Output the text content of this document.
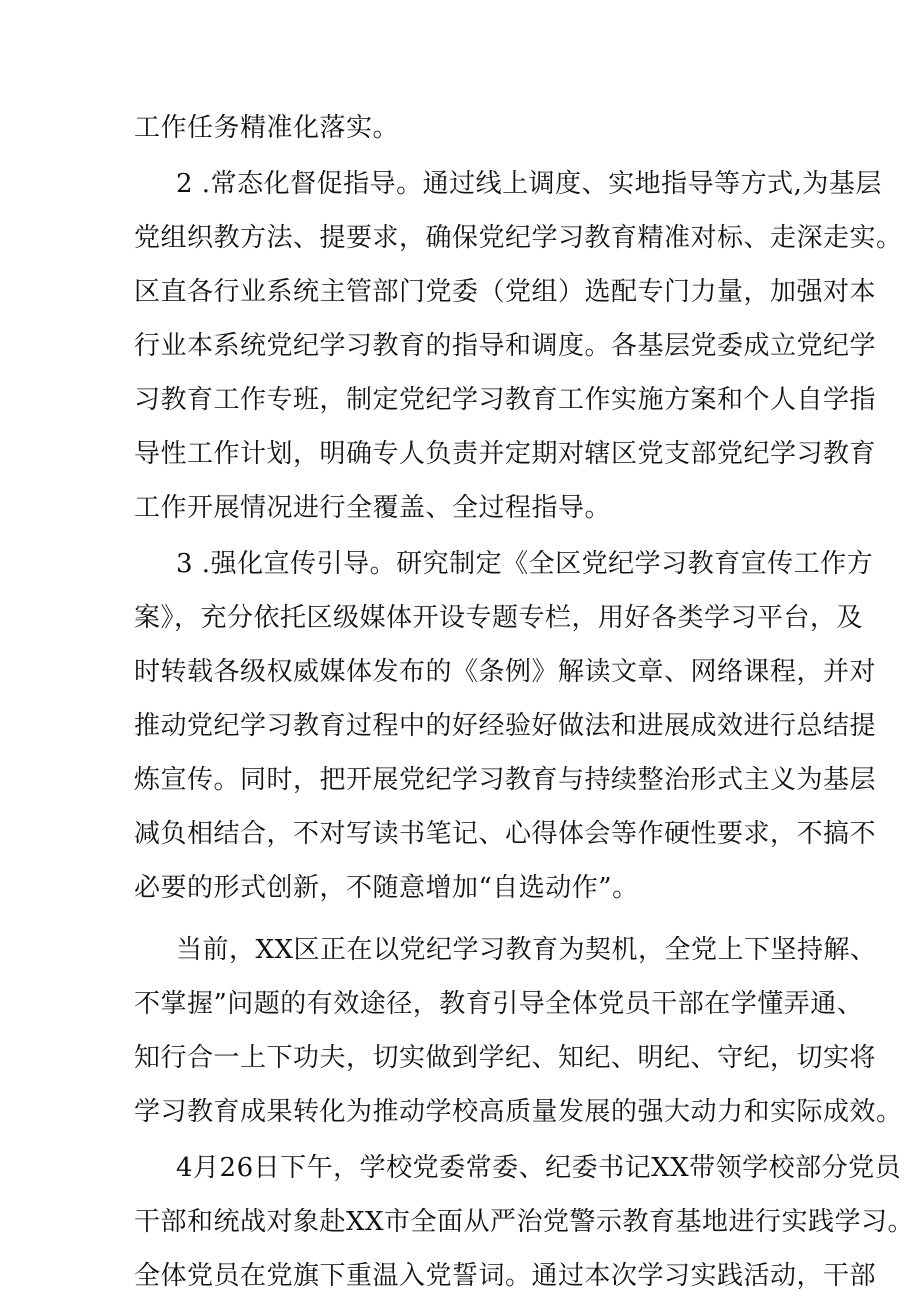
工作任务精准化落实。
2 .常态化督促指导。通过线上调度、实地指导等方式,为基层
党组织教方法、提要求，确保党纪学习教育精准对标、走深走实。
区直各行业系统主管部门党委（党组）选配专门力量，加强对本
行业本系统党纪学习教育的指导和调度。各基层党委成立党纪学
习教育工作专班，制定党纪学习教育工作实施方案和个人自学指
导性工作计划，明确专人负责并定期对辖区党支部党纪学习教育
工作开展情况进行全覆盖、全过程指导。
3 .强化宣传引导。研究制定《全区党纪学习教育宣传工作方
案》，充分依托区级媒体开设专题专栏，用好各类学习平台，及
时转载各级权威媒体发布的《条例》解读文章、网络课程，并对
推动党纪学习教育过程中的好经验好做法和进展成效进行总结提
炼宣传。同时，把开展党纪学习教育与持续整治形式主义为基层
减负相结合，不对写读书笔记、心得体会等作硬性要求，不搞不
必要的形式创新，不随意增加“自选动作”。
当前，XX区正在以党纪学习教育为契机，全党上下坚持解、
不掌握”问题的有效途径，教育引导全体党员干部在学懂弄通、
知行合一上下功夫，切实做到学纪、知纪、明纪、守纪，切实将
学习教育成果转化为推动学校高质量发展的强大动力和实际成效。
4月26日下午，学校党委常委、纪委书记XX带领学校部分党员
干部和统战对象赴XX市全面从严治党警示教育基地进行实践学习。
全体党员在党旗下重温入党誓词。通过本次学习实践活动，干部
